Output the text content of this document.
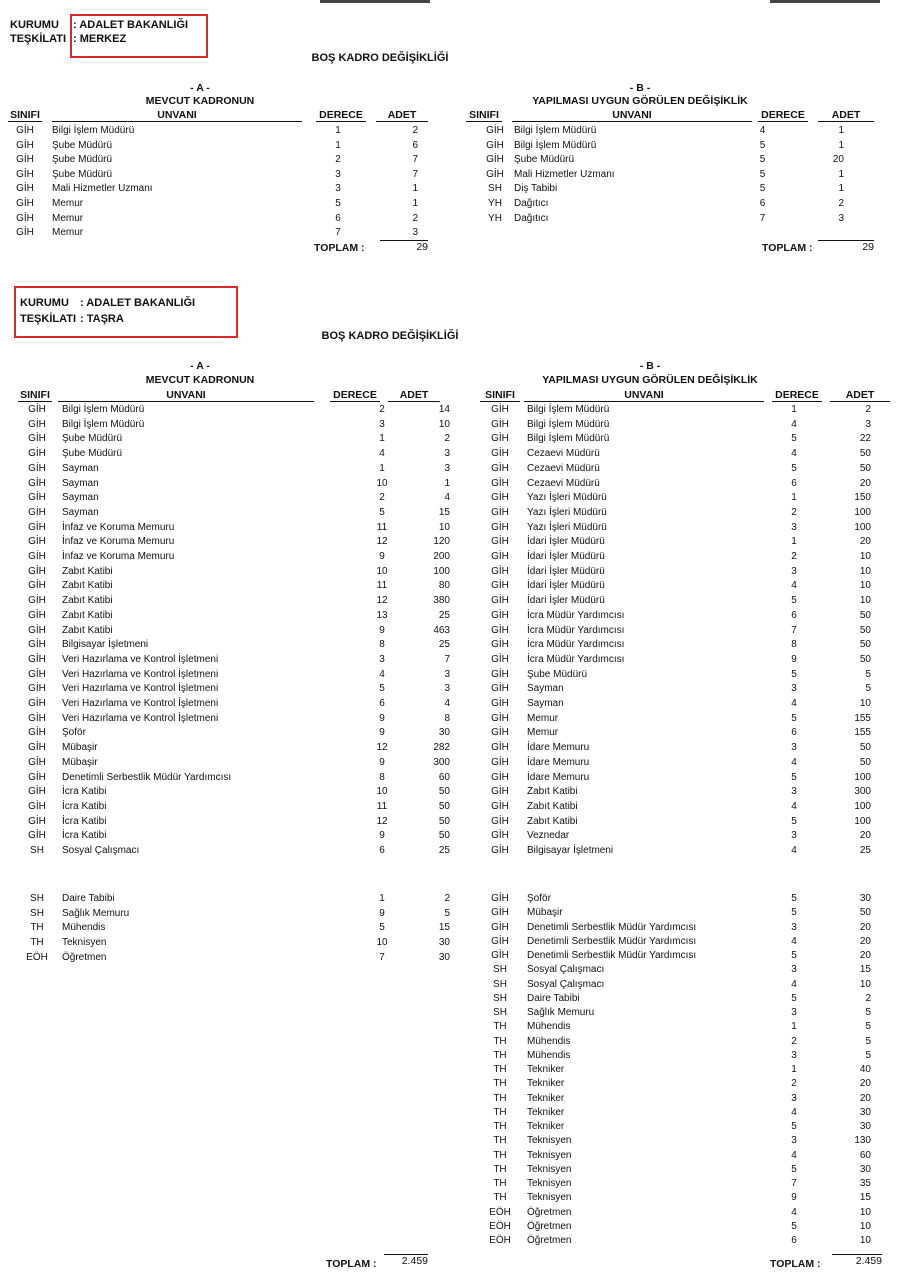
KURUMU : ADALET BAKANLIĞI
TEŞKİLATI : MERKEZ
BOŞ KADRO DEĞİŞİKLİĞİ
- A -
MEVCUT KADRONUN
SINIFI	UNVANI	DERECE	ADET
GİH	Bilgi İşlem Müdürü	1	2
GİH	Şube Müdürü	1	6
GİH	Şube Müdürü	2	7
GİH	Şube Müdürü	3	7
GİH	Mali Hizmetler Uzmanı	3	1
GİH	Memur	5	1
GİH	Memur	6	2
GİH	Memur	7	3
TOPLAM :	29
- B -
YAPILMASI UYGUN GÖRÜLEN DEĞİŞİKLİK
SINIFI	UNVANI	DERECE	ADET
GİH	Bilgi İşlem Müdürü	4	1
GİH	Bilgi İşlem Müdürü	5	1
GİH	Şube Müdürü	5	20
GİH	Mali Hizmetler Uzmanı	5	1
SH	Diş Tabibi	5	1
YH	Dağıtıcı	6	2
YH	Dağıtıcı	7	3
TOPLAM :	29
KURUMU : ADALET BAKANLIĞI
TEŞKİLATI : TAŞRA
BOŞ KADRO DEĞİŞİKLİĞİ
- A -
MEVCUT KADRONUN
SINIFI	UNVANI	DERECE	ADET
GİH	Bilgi İşlem Müdürü	2	14
GİH	Bilgi İşlem Müdürü	3	10
GİH	Şube Müdürü	1	2
GİH	Şube Müdürü	4	3
GİH	Sayman	1	3
GİH	Sayman	10	1
GİH	Sayman	2	4
GİH	Sayman	5	15
GİH	İnfaz ve Koruma Memuru	11	10
GİH	İnfaz ve Koruma Memuru	12	120
GİH	İnfaz ve Koruma Memuru	9	200
GİH	Zabıt Katibi	10	100
GİH	Zabıt Katibi	11	80
GİH	Zabıt Katibi	12	380
GİH	Zabıt Katibi	13	25
GİH	Zabıt Katibi	9	463
GİH	Bilgisayar İşletmeni	8	25
GİH	Veri Hazırlama ve Kontrol İşletmeni	3	7
GİH	Veri Hazırlama ve Kontrol İşletmeni	4	3
GİH	Veri Hazırlama ve Kontrol İşletmeni	5	3
GİH	Veri Hazırlama ve Kontrol İşletmeni	6	4
GİH	Veri Hazırlama ve Kontrol İşletmeni	9	8
GİH	Şoför	9	30
GİH	Mübaşir	12	282
GİH	Mübaşir	9	300
GİH	Denetimli Serbestlik Müdür Yardımcısı	8	60
GİH	İcra Katibi	10	50
GİH	İcra Katibi	11	50
GİH	İcra Katibi	12	50
GİH	İcra Katibi	9	50
SH	Sosyal Çalışmacı	6	25
SH	Daire Tabibi	1	2
SH	Sağlık Memuru	9	5
TH	Mühendis	5	15
TH	Teknisyen	10	30
EÖH	Öğretmen	7	30
TOPLAM :	2.459
- B -
YAPILMASI UYGUN GÖRÜLEN DEĞİŞİKLİK
SINIFI	UNVANI	DERECE	ADET
GİH	Bilgi İşlem Müdürü	1	2
GİH	Bilgi İşlem Müdürü	4	3
GİH	Bilgi İşlem Müdürü	5	22
GİH	Cezaevi Müdürü	4	50
GİH	Cezaevi Müdürü	5	50
GİH	Cezaevi Müdürü	6	20
GİH	Yazı İşleri Müdürü	1	150
GİH	Yazı İşleri Müdürü	2	100
GİH	Yazı İşleri Müdürü	3	100
GİH	İdari İşler Müdürü	1	20
GİH	İdari İşler Müdürü	2	10
GİH	İdari İşler Müdürü	3	10
GİH	İdari İşler Müdürü	4	10
GİH	İdari İşler Müdürü	5	10
GİH	İcra Müdür Yardımcısı	6	50
GİH	İcra Müdür Yardımcısı	7	50
GİH	İcra Müdür Yardımcısı	8	50
GİH	İcra Müdür Yardımcısı	9	50
GİH	Şube Müdürü	5	5
GİH	Sayman	3	5
GİH	Sayman	4	10
GİH	Memur	5	155
GİH	Memur	6	155
GİH	İdare Memuru	3	50
GİH	İdare Memuru	4	50
GİH	İdare Memuru	5	100
GİH	Zabıt Katibi	3	300
GİH	Zabıt Katibi	4	100
GİH	Zabıt Katibi	5	100
GİH	Veznedar	3	20
GİH	Bilgisayar İşletmeni	4	25
GİH	Şoför	5	30
GİH	Mübaşir	5	50
GİH	Denetimli Serbestlik Müdür Yardımcısı	3	20
GİH	Denetimli Serbestlik Müdür Yardımcısı	4	20
GİH	Denetimli Serbestlik Müdür Yardımcısı	5	20
SH	Sosyal Çalışmacı	3	15
SH	Sosyal Çalışmacı	4	10
SH	Daire Tabibi	5	2
SH	Sağlık Memuru	3	5
TH	Mühendis	1	5
TH	Mühendis	2	5
TH	Mühendis	3	5
TH	Tekniker	1	40
TH	Tekniker	2	20
TH	Tekniker	3	20
TH	Tekniker	4	30
TH	Tekniker	5	30
TH	Teknisyen	3	130
TH	Teknisyen	4	60
TH	Teknisyen	5	30
TH	Teknisyen	7	35
TH	Teknisyen	9	15
EÖH	Öğretmen	4	10
EÖH	Öğretmen	5	10
EÖH	Öğretmen	6	10
TOPLAM :	2.459
